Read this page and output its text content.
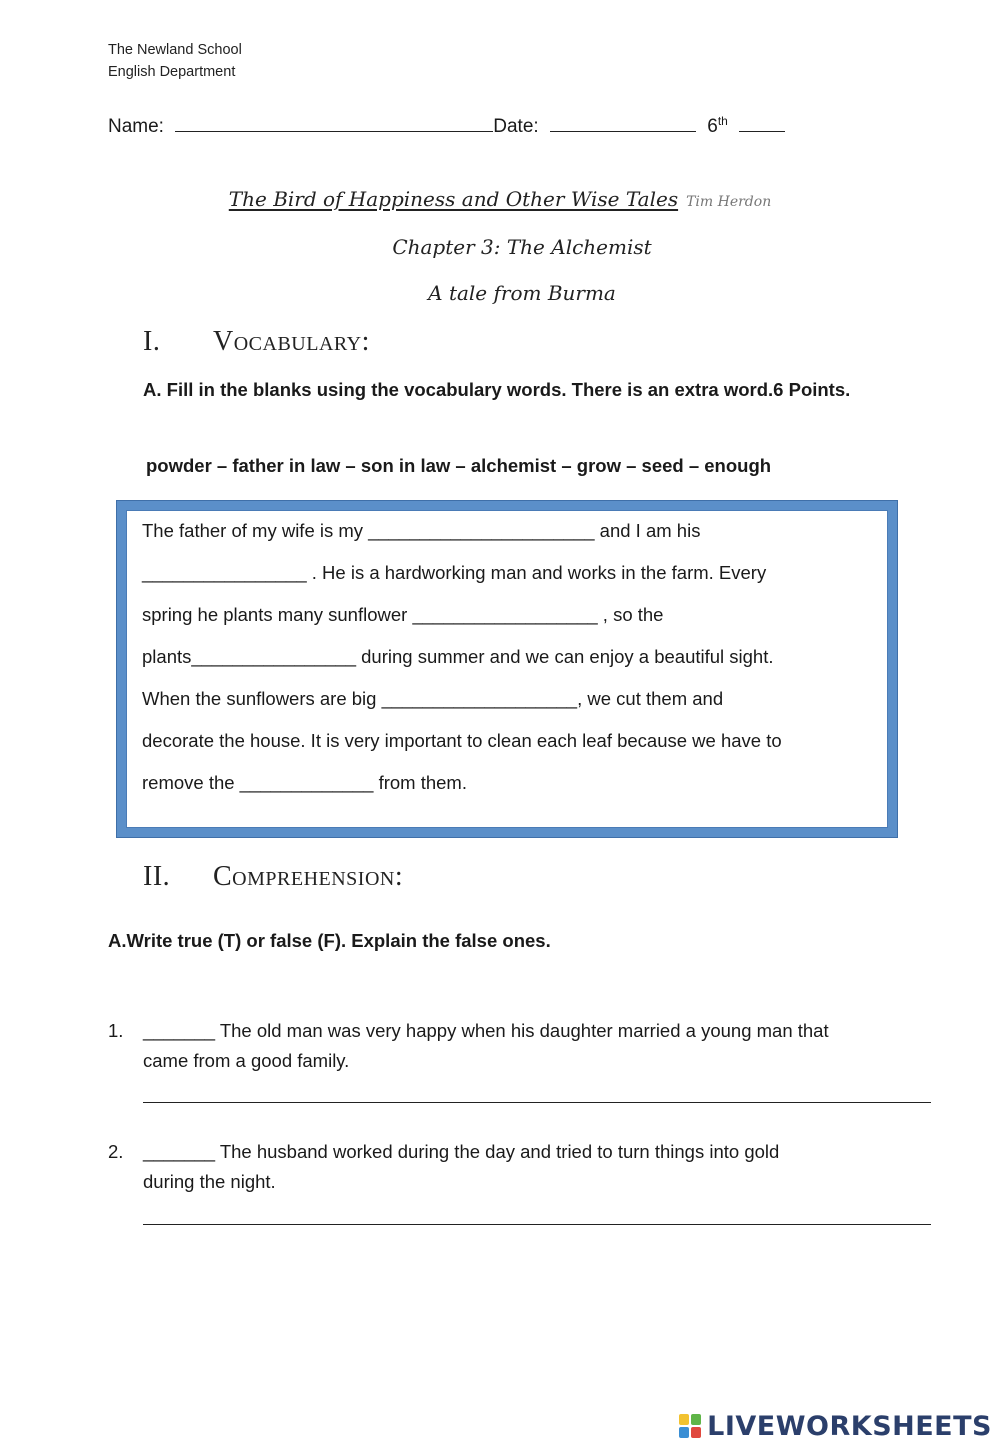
The Newland School
English Department
Name:	Date:	6th
The Bird of Happiness and Other Wise Tales Tim Herdon
Chapter 3: The Alchemist
A tale from Burma
I. Vocabulary:
A. Fill in the blanks using the vocabulary words. There is an extra word.6 Points.
powder – father in law – son in law – alchemist – grow – seed – enough
The father of my wife is my ______________________ and I am his
________________ . He is a hardworking man and works in the farm. Every
spring he plants many sunflower __________________ , so the
plants________________ during summer and we can enjoy a beautiful sight.
When the sunflowers are big ___________________, we cut them and
decorate the house. It is very important to clean each leaf because we have to
remove the _____________ from them.
II. Comprehension:
A.Write true (T) or false (F). Explain the false ones.
1. _______ The old man was very happy when his daughter married a young man that
came from a good family.
2. _______ The husband worked during the day and tried to turn things into gold
during the night.
LIVEWORKSHEETS
